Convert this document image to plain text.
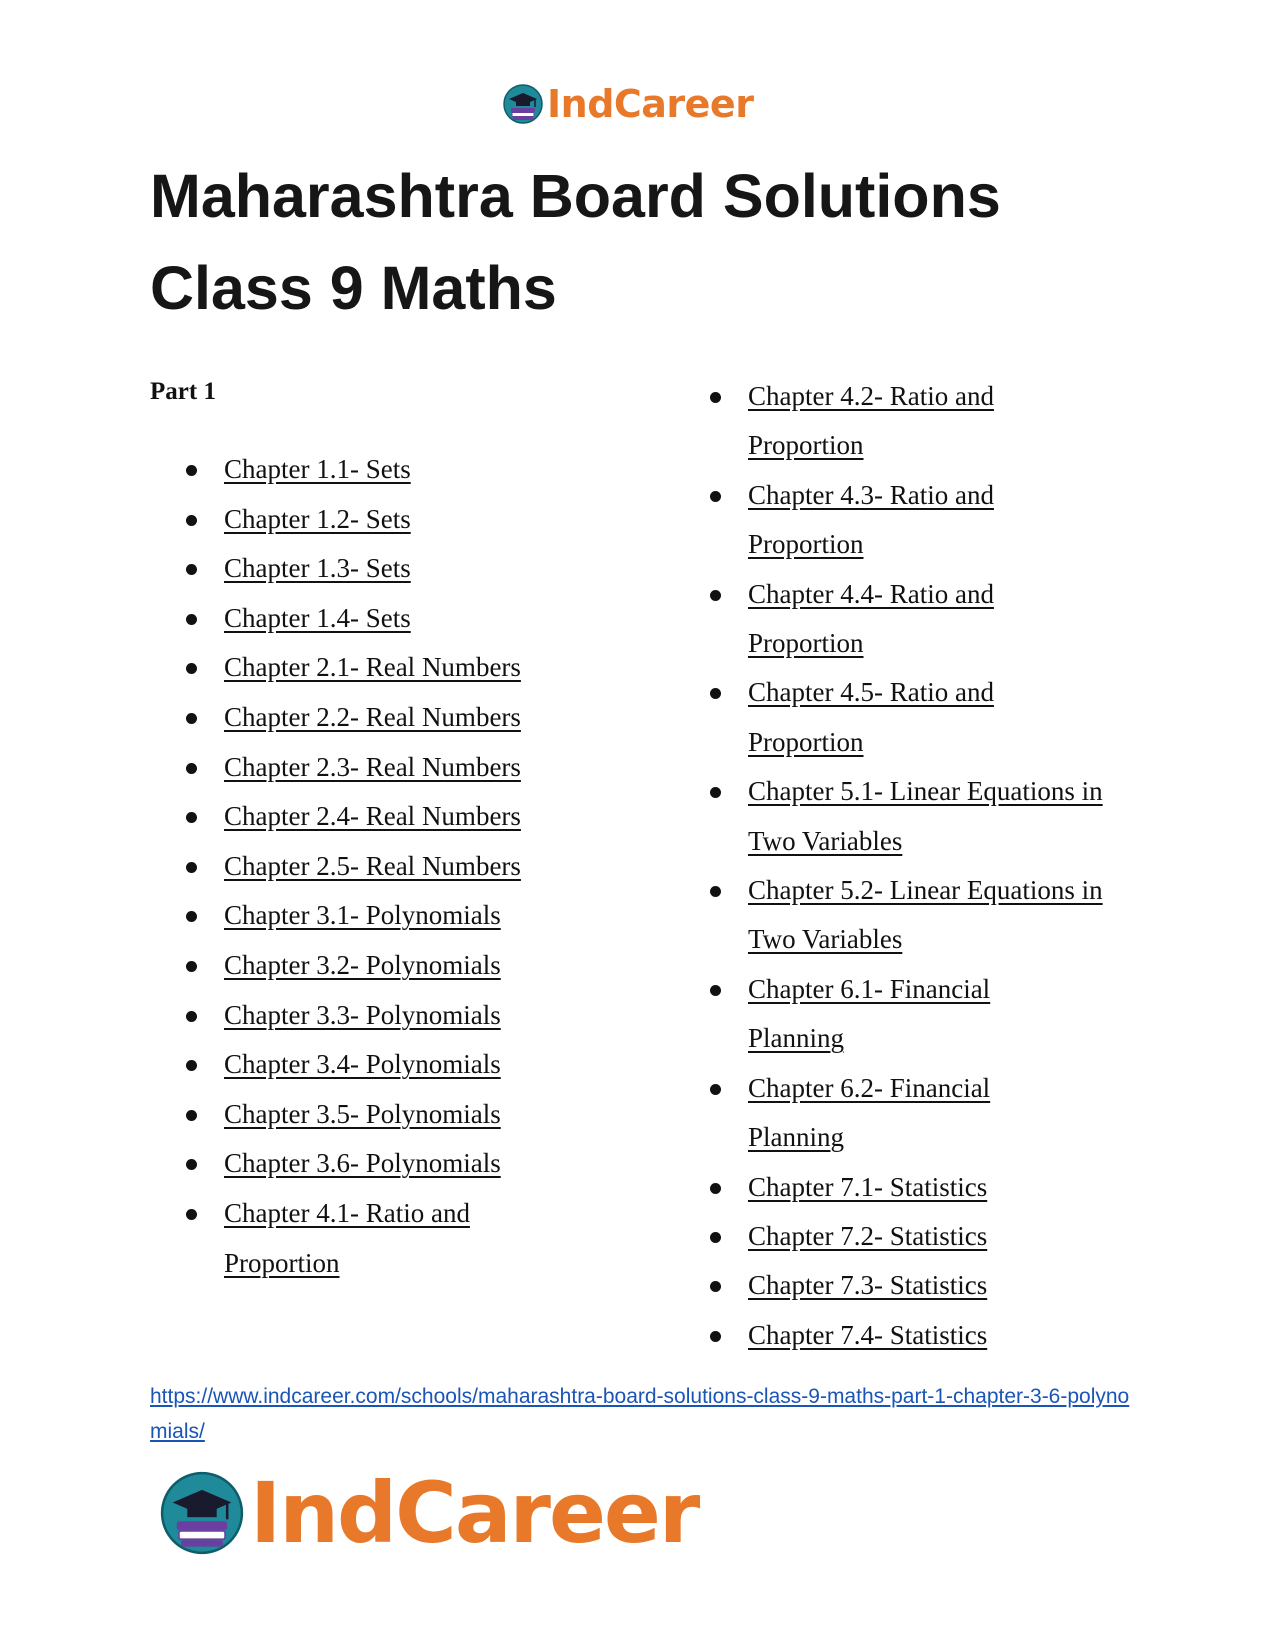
IndCareer
Maharashtra Board Solutions
Class 9 Maths
Part 1
Chapter 1.1- Sets
Chapter 1.2- Sets
Chapter 1.3- Sets
Chapter 1.4- Sets
Chapter 2.1- Real Numbers
Chapter 2.2- Real Numbers
Chapter 2.3- Real Numbers
Chapter 2.4- Real Numbers
Chapter 2.5- Real Numbers
Chapter 3.1- Polynomials
Chapter 3.2- Polynomials
Chapter 3.3- Polynomials
Chapter 3.4- Polynomials
Chapter 3.5- Polynomials
Chapter 3.6- Polynomials
Chapter 4.1- Ratio and Proportion
Chapter 4.2- Ratio and Proportion
Chapter 4.3- Ratio and Proportion
Chapter 4.4- Ratio and Proportion
Chapter 4.5- Ratio and Proportion
Chapter 5.1- Linear Equations in Two Variables
Chapter 5.2- Linear Equations in Two Variables
Chapter 6.1- Financial Planning
Chapter 6.2- Financial Planning
Chapter 7.1- Statistics
Chapter 7.2- Statistics
Chapter 7.3- Statistics
Chapter 7.4- Statistics
https://www.indcareer.com/schools/maharashtra-board-solutions-class-9-maths-part-1-chapter-3-6-polynomials/
IndCareer
